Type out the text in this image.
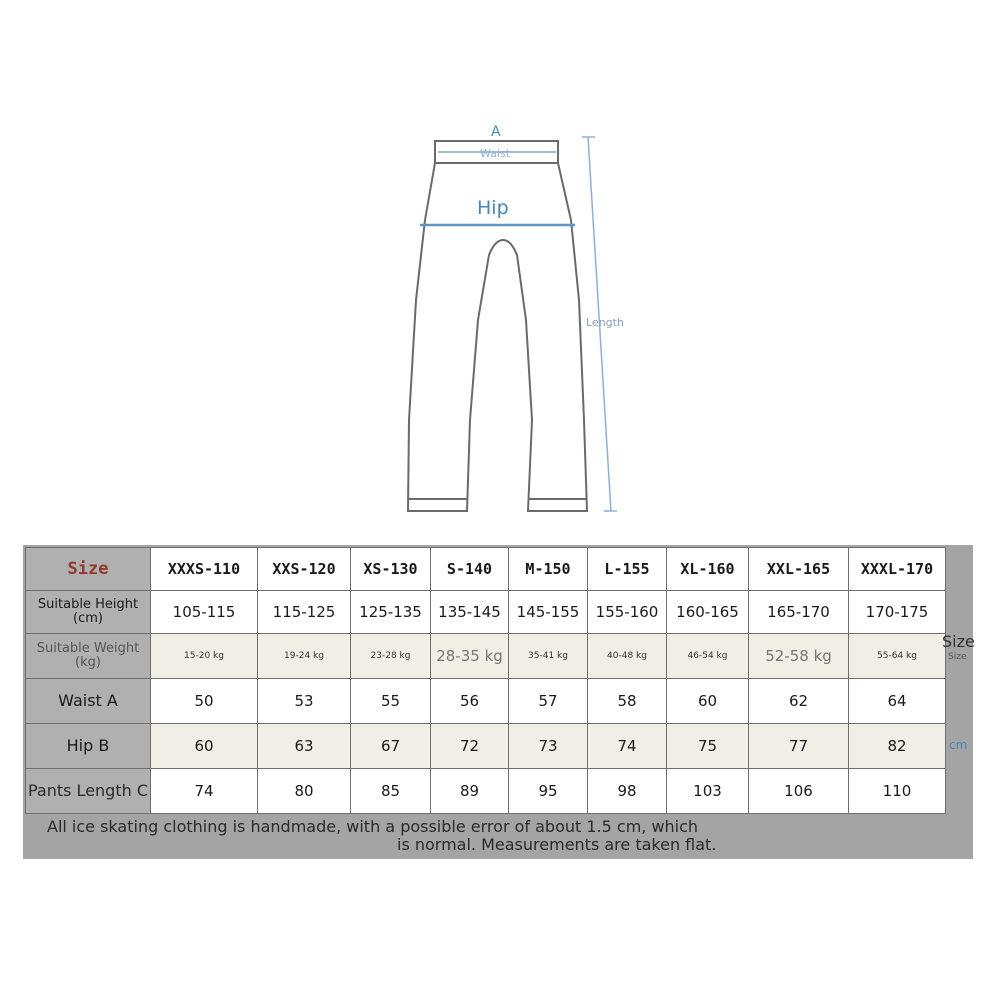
A
Waist
Hip
Length
Size	XXXS-110	XXS-120	XS-130	S-140	M-150	L-155	XL-160	XXL-165	XXXL-170
Suitable Height (cm)	105-115	115-125	125-135	135-145	145-155	155-160	160-165	165-170	170-175
Suitable Weight (kg)	15-20 kg	19-24 kg	23-28 kg	28-35 kg	35-41 kg	40-48 kg	46-54 kg	52-58 kg	55-64 kg
Waist A	50	53	55	56	57	58	60	62	64
Hip B	60	63	67	72	73	74	75	77	82
Pants Length C	74	80	85	89	95	98	103	106	110
All ice skating clothing is handmade, with a possible error of about 1.5 cm, which
is normal. Measurements are taken flat.
Size
Size
cm
